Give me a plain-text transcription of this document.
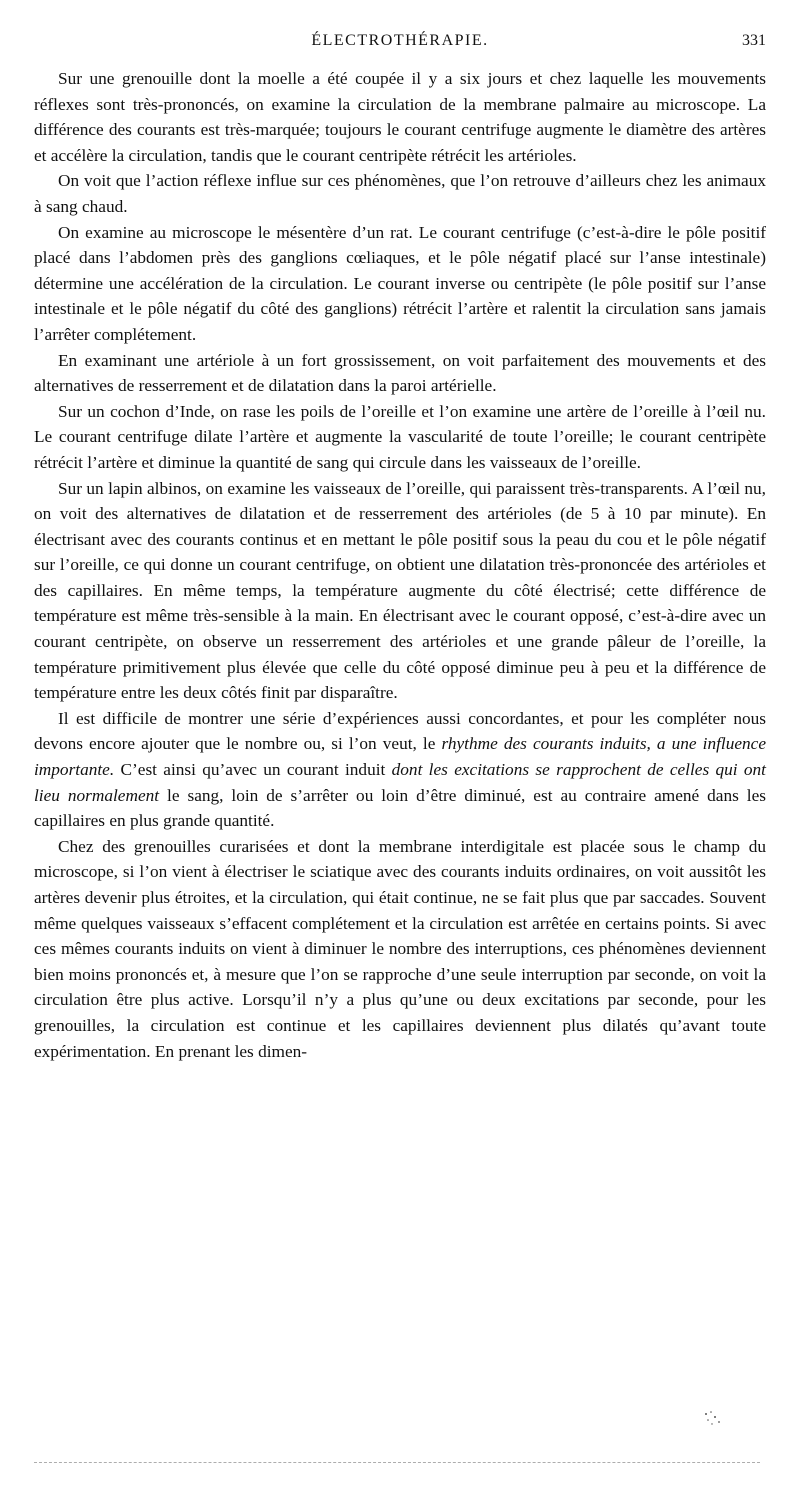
ÉLECTROTHÉRAPIE.	331

Sur une grenouille dont la moelle a été coupée il y a six jours et chez laquelle les mouvements réflexes sont très-prononcés, on examine la circulation de la membrane palmaire au microscope. La différence des courants est très-marquée; toujours le courant centrifuge augmente le diamètre des artères et accélère la circulation, tandis que le courant centripète rétrécit les artérioles.

On voit que l’action réflexe influe sur ces phénomènes, que l’on retrouve d’ailleurs chez les animaux à sang chaud.

On examine au microscope le mésentère d’un rat. Le courant centrifuge (c’est-à-dire le pôle positif placé dans l’abdomen près des ganglions cœliaques, et le pôle négatif placé sur l’anse intestinale) détermine une accélération de la circulation. Le courant inverse ou centripète (le pôle positif sur l’anse intestinale et le pôle négatif du côté des ganglions) rétrécit l’artère et ralentit la circulation sans jamais l’arrêter complétement.

En examinant une artériole à un fort grossissement, on voit parfaitement des mouvements et des alternatives de resserrement et de dilatation dans la paroi artérielle.

Sur un cochon d’Inde, on rase les poils de l’oreille et l’on examine une artère de l’oreille à l’œil nu. Le courant centrifuge dilate l’artère et augmente la vascularité de toute l’oreille; le courant centripète rétrécit l’artère et diminue la quantité de sang qui circule dans les vaisseaux de l’oreille.

Sur un lapin albinos, on examine les vaisseaux de l’oreille, qui paraissent très-transparents. A l’œil nu, on voit des alternatives de dilatation et de resserrement des artérioles (de 5 à 10 par minute). En électrisant avec des courants continus et en mettant le pôle positif sous la peau du cou et le pôle négatif sur l’oreille, ce qui donne un courant centrifuge, on obtient une dilatation très-prononcée des artérioles et des capillaires. En même temps, la température augmente du côté électrisé; cette différence de température est même très-sensible à la main. En électrisant avec le courant opposé, c’est-à-dire avec un courant centripète, on observe un resserrement des artérioles et une grande pâleur de l’oreille, la température primitivement plus élevée que celle du côté opposé diminue peu à peu et la différence de température entre les deux côtés finit par disparaître.

Il est difficile de montrer une série d’expériences aussi concordantes, et pour les compléter nous devons encore ajouter que le nombre ou, si l’on veut, le rhythme des courants induits, a une influence importante. C’est ainsi qu’avec un courant induit dont les excitations se rapprochent de celles qui ont lieu normalement le sang, loin de s’arrêter ou loin d’être diminué, est au contraire amené dans les capillaires en plus grande quantité.

Chez des grenouilles curarisées et dont la membrane interdigitale est placée sous le champ du microscope, si l’on vient à électriser le sciatique avec des courants induits ordinaires, on voit aussitôt les artères devenir plus étroites, et la circulation, qui était continue, ne se fait plus que par saccades. Souvent même quelques vaisseaux s’effacent complétement et la circulation est arrêtée en certains points. Si avec ces mêmes courants induits on vient à diminuer le nombre des interruptions, ces phénomènes deviennent bien moins prononcés et, à mesure que l’on se rapproche d’une seule interruption par seconde, on voit la circulation être plus active. Lorsqu’il n’y a plus qu’une ou deux excitations par seconde, pour les grenouilles, la circulation est continue et les capillaires deviennent plus dilatés qu’avant toute expérimentation. En prenant les dimen-
